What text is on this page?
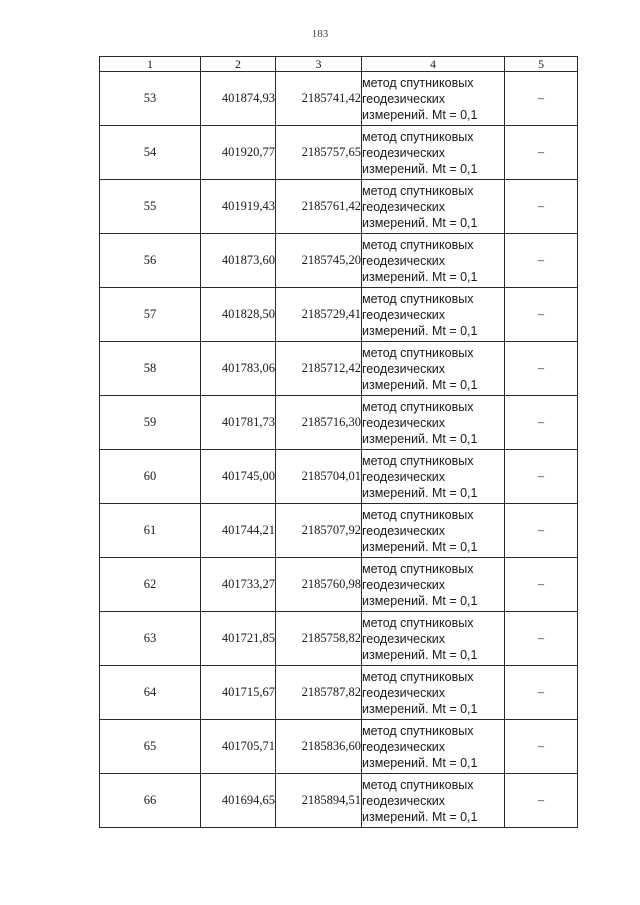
183
1	2	3	4	5
53	401874,93	2185741,42	метод спутниковых
геодезических
измерений. Mt = 0,1	–
54	401920,77	2185757,65	метод спутниковых
геодезических
измерений. Mt = 0,1	–
55	401919,43	2185761,42	метод спутниковых
геодезических
измерений. Mt = 0,1	–
56	401873,60	2185745,20	метод спутниковых
геодезических
измерений. Mt = 0,1	–
57	401828,50	2185729,41	метод спутниковых
геодезических
измерений. Mt = 0,1	–
58	401783,06	2185712,42	метод спутниковых
геодезических
измерений. Mt = 0,1	–
59	401781,73	2185716,30	метод спутниковых
геодезических
измерений. Mt = 0,1	–
60	401745,00	2185704,01	метод спутниковых
геодезических
измерений. Mt = 0,1	–
61	401744,21	2185707,92	метод спутниковых
геодезических
измерений. Mt = 0,1	–
62	401733,27	2185760,98	метод спутниковых
геодезических
измерений. Mt = 0,1	–
63	401721,85	2185758,82	метод спутниковых
геодезических
измерений. Mt = 0,1	–
64	401715,67	2185787,82	метод спутниковых
геодезических
измерений. Mt = 0,1	–
65	401705,71	2185836,60	метод спутниковых
геодезических
измерений. Mt = 0,1	–
66	401694,65	2185894,51	метод спутниковых
геодезических
измерений. Mt = 0,1	–
